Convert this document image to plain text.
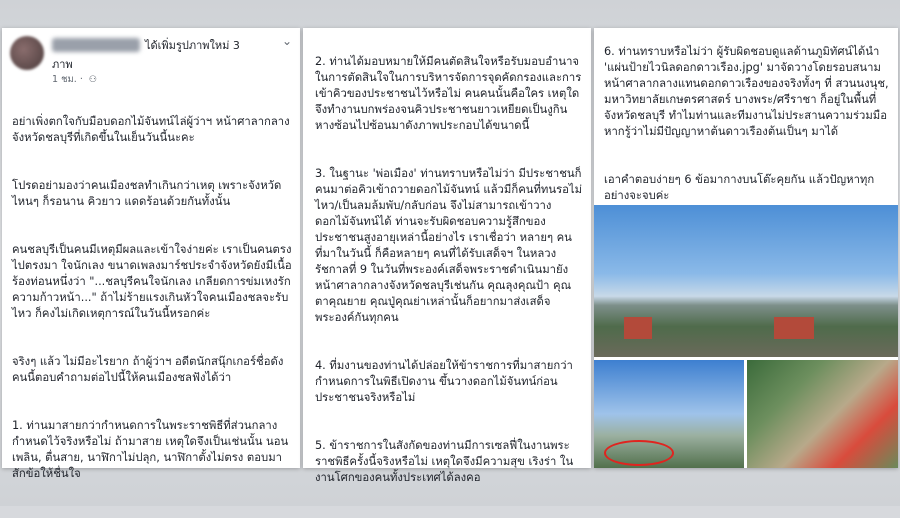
ได้เพิ่มรูปภาพใหม่ 3
ภาพ
1 ชม. · ⚇
⌄

อย่าเพิ่งตกใจกับมือบดอกไม้จันทน์ไล่ผู้ว่าฯ หน้าศาลากลางจังหวัดชลบุรีที่เกิดขึ้นในเย็นวันนี้นะคะ

โปรดอย่ามองว่าคนเมืองชลทำเกินกว่าเหตุ เพราะจังหวัดไหนๆ ก็รอนาน คิวยาว แดดร้อนด้วยกันทั้งนั้น

คนชลบุรีเป็นคนมีเหตุมีผลและเข้าใจง่ายค่ะ เราเป็นคนตรงไปตรงมา ใจนักเลง ขนาดเพลงมาร์ชประจำจังหวัดยังมีเนื้อร้องท่อนหนึ่งว่า "...ชลบุรีคนใจนักเลง เกลียดการข่มเหงรักความก้าวหน้า..." ถ้าไม่ร้ายแรงเกินหัวใจคนเมืองชลจะรับไหว ก็คงไม่เกิดเหตุการณ์ในวันนี้หรอกค่ะ

จริงๆ แล้ว ไม่มีอะไรยาก ถ้าผู้ว่าฯ อดีตนักสนุ๊กเกอร์ชื่อดังคนนี้ตอบคำถามต่อไปนี้ให้คนเมืองชลฟังได้ว่า

1. ท่านมาสายกว่ากำหนดการในพระราชพิธีที่ส่วนกลางกำหนดไว้จริงหรือไม่ ถ้ามาสาย เหตุใดจึงเป็นเช่นนั้น นอนเพลิน, ตื่นสาย, นาฬิกาไม่ปลุก, นาฬิกาตั้งไม่ตรง ตอบมาสักข้อให้ชื่นใจ

2. ท่านได้มอบหมายให้มีคนตัดสินใจหรือรับมอบอำนาจในการตัดสินใจในการบริหารจัดการจุดคัดกรองและการเข้าคิวของประชาชนไว้หรือไม่ คนคนนั้นคือใคร เหตุใดจึงทำงานบกพร่องจนคิวประชาชนยาวเหยียดเป็นงูกินหางซ้อนไปซ้อนมาดังภาพประกอบได้ขนาดนี้

3. ในฐานะ 'พ่อเมือง' ท่านทราบหรือไม่ว่า มีประชาชนก็คนมาต่อคิวเข้าถวายดอกไม้จันทน์ แล้วมีก็คนที่ทนรอไม่ไหว/เป็นลมล้มพับ/กลับก่อน จึงไม่สามารถเข้าวางดอกไม้จันทน์ได้ ท่านจะรับผิดชอบความรู้สึกของประชาชนสูงอายุเหล่านี้อย่างไร เราเชื่อว่า หลายๆ คนที่มาในวันนี้ ก็คือหลายๆ คนที่ได้รับเสด็จฯ ในหลวงรัชกาลที่ 9 ในวันที่พระองค์เสด็จพระราชดำเนินมายังหน้าศาลากลางจังหวัดชลบุรีเช่นกัน คุณลุงคุณป้า คุณตาคุณยาย คุณปู่คุณย่าเหล่านั้นก็อยากมาส่งเสด็จพระองค์กันทุกคน

4. ที่มงานของท่านได้ปล่อยให้ข้าราชการที่มาสายกว่ากำหนดการในพิธีเปิดงาน ขึ้นวางดอกไม้จันทน์ก่อนประชาชนจริงหรือไม่

5. ข้าราชการในสังกัดของท่านมีการเซลฟี่ในงานพระราชพิธีครั้งนี้จริงหรือไม่ เหตุใดจึงมีความสุข เริงร่า ในงานโศกของคนทั้งประเทศได้ลงคอ

6. ท่านทราบหรือไม่ว่า ผู้รับผิดชอบดูแลด้านภูมิทัศน์ได้นำ 'แผ่นป้ายไวนิลดอกดาวเรือง.jpg' มาจัดวางโดยรอบสนามหน้าศาลากลางแทนดอกดาวเรืองของจริงทั้งๆ ที่ สวนนงนุช, มหาวิทยาลัยเกษตรศาสตร์ บางพระ/ศรีราชา ก็อยู่ในพื้นที่จังหวัดชลบุรี ทำไมท่านและทีมงานไม่ประสานความร่วมมือหากรู้ว่าไม่มีปัญญาหาต้นดาวเรืองต้นเป็นๆ มาได้

เอาคำตอบง่ายๆ 6 ข้อมากางบนโต๊ะคุยกัน แล้วปัญหาทุกอย่างจะจบค่ะ
